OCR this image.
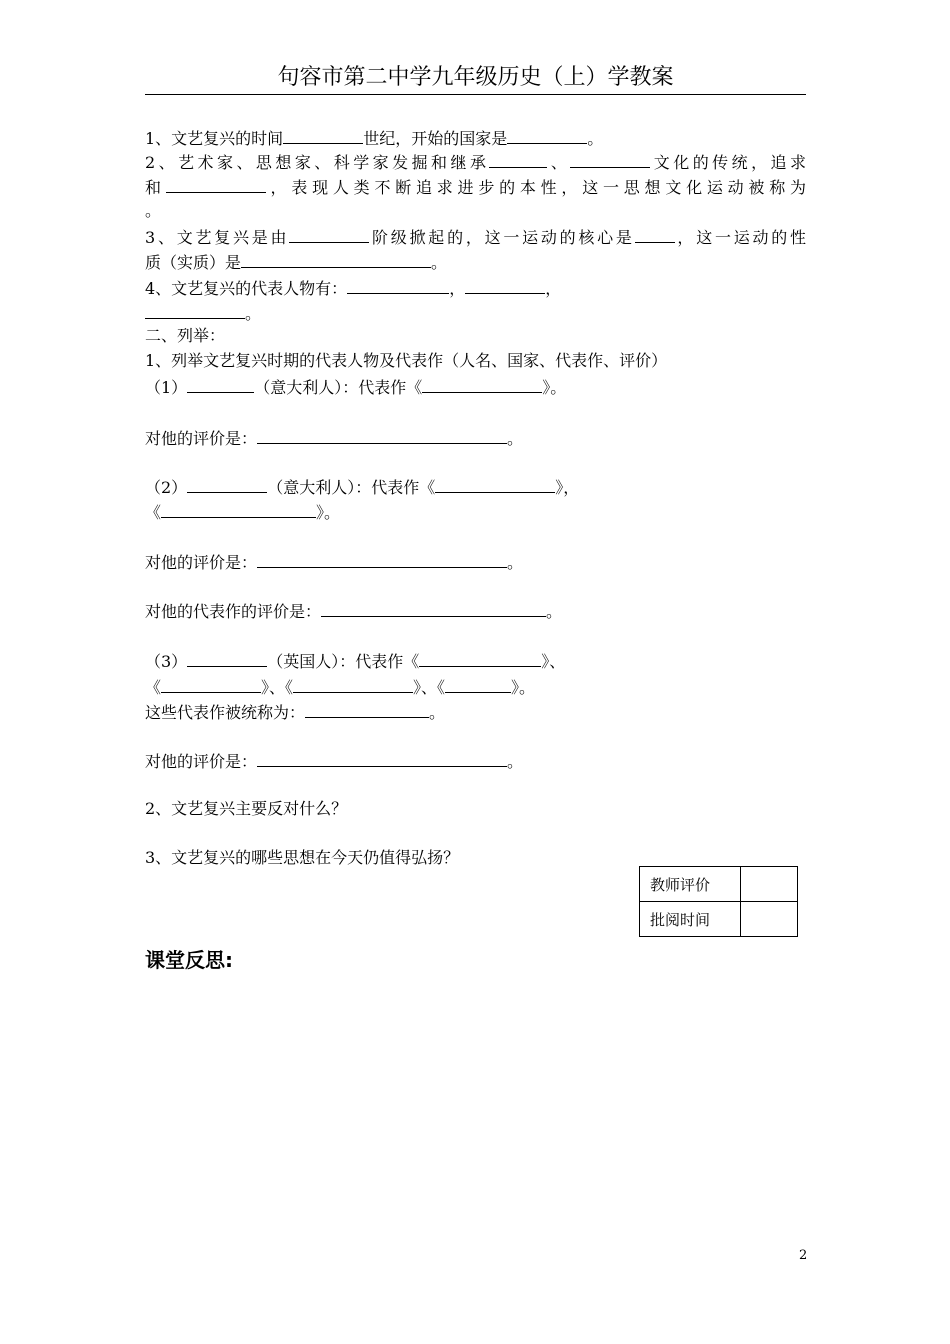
句容市第二中学九年级历史（上）学教案
1、文艺复兴的时间	世纪，开始的国家是	。
2、艺术家、思想家、科学家发掘和继承	、	文化的传统，追求
和	，表现人类不断追求进步的本性，这一思想文化运动被称为
。
3、文艺复兴是由	阶级掀起的，这一运动的核心是	，这一运动的性
质（实质）是	。
4、文艺复兴的代表人物有：	，	，
。
二、列举：
1、列举文艺复兴时期的代表人物及代表作（人名、国家、代表作、评价）
（1）	（意大利人）：代表作《	》。
对他的评价是：	。
（2）	（意大利人）：代表作《	》，
《	》。
对他的评价是：	。
对他的代表作的评价是：	。
（3）	（英国人）：代表作《	》、
《	》、《	》、《	》。
这些代表作被统称为：	。
对他的评价是：	。
2、文艺复兴主要反对什么？
3、文艺复兴的哪些思想在今天仍值得弘扬？
教师评价	
批阅时间	
课堂反思:
2
